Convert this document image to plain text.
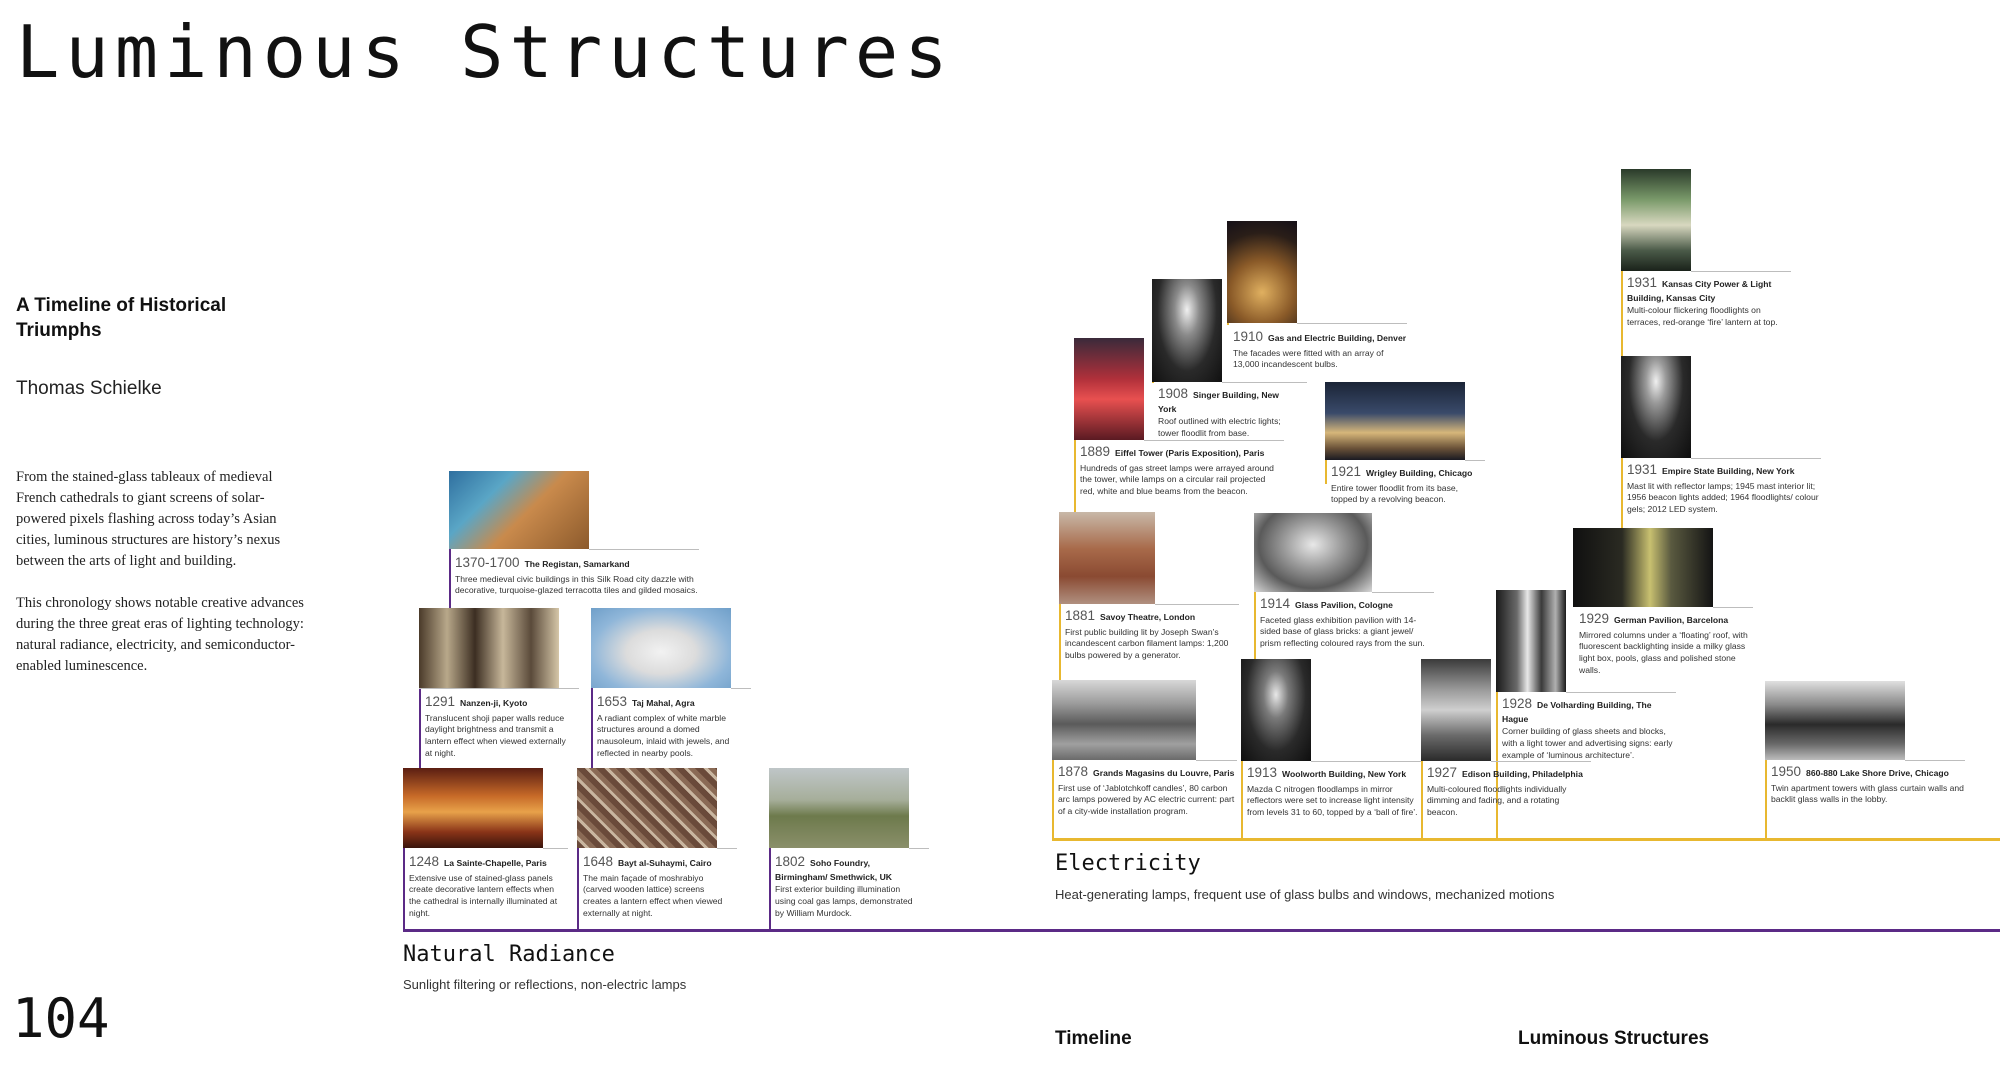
Luminous Structures
A Timeline of Historical Triumphs
Thomas Schielke

From the stained-glass tableaux of medieval French cathedrals to giant screens of solar-powered pixels flashing across today’s Asian cities, luminous structures are history’s nexus between the arts of light and building.

This chronology shows notable creative advances during the three great eras of lighting technology: natural radiance, electricity, and semiconductor-enabled luminescence.

Natural Radiance
Sunlight filtering or reflections, non-electric lamps
Electricity
Heat-generating lamps, frequent use of glass bulbs and windows, mechanized motions
1370-1700 The Registan, Samarkand
Three medieval civic buildings in this Silk Road city dazzle with decorative, turquoise-glazed terracotta tiles and gilded mosaics.
1291 Nanzen-ji, Kyoto
Translucent shoji paper walls reduce daylight brightness and transmit a lantern effect when viewed externally at night.
1653 Taj Mahal, Agra
A radiant complex of white marble structures around a domed mausoleum, inlaid with jewels, and reflected in nearby pools.
1248 La Sainte-Chapelle, Paris
Extensive use of stained-glass panels create decorative lantern effects when the cathedral is internally illuminated at night.
1648 Bayt al-Suhaymi, Cairo
The main façade of moshrabiyo (carved wooden lattice) screens creates a lantern effect when viewed externally at night.
1802 Soho Foundry, Birmingham/ Smethwick, UK
First exterior building illumination using coal gas lamps, demonstrated by William Murdock.
1910 Gas and Electric Building, Denver
The facades were fitted with an array of 13,000 incandescent bulbs.
1908 Singer Building, New York
Roof outlined with electric lights; tower floodlit from base.
1889 Eiffel Tower (Paris Exposition), Paris
Hundreds of gas street lamps were arrayed around the tower, while lamps on a circular rail projected red, white and blue beams from the beacon.
1921 Wrigley Building, Chicago
Entire tower floodlit from its base, topped by a revolving beacon.
1881 Savoy Theatre, London
First public building lit by Joseph Swan’s incandescent carbon filament lamps: 1,200 bulbs powered by a generator.
1914 Glass Pavilion, Cologne
Faceted glass exhibition pavilion with 14-sided base of glass bricks: a giant jewel/ prism reflecting coloured rays from the sun.
1878 Grands Magasins du Louvre, Paris
First use of ‘Jablotchkoff candles’, 80 carbon arc lamps powered by AC electric current: part of a city-wide installation program.
1913 Woolworth Building, New York
Mazda C nitrogen floodlamps in mirror reflectors were set to increase light intensity from levels 31 to 60, topped by a ‘ball of fire’.
1927 Edison Building, Philadelphia
Multi-coloured floodlights individually dimming and fading, and a rotating beacon.
1928 De Volharding Building, The Hague
Corner building of glass sheets and blocks, with a light tower and advertising signs: early example of ‘luminous architecture’.
1929 German Pavilion, Barcelona
Mirrored columns under a ‘floating’ roof, with fluorescent backlighting inside a milky glass light box, pools, glass and polished stone walls.
1931 Kansas City Power & Light Building, Kansas City
Multi-colour flickering floodlights on terraces, red-orange ‘fire’ lantern at top.
1931 Empire State Building, New York
Mast lit with reflector lamps; 1945 mast interior lit; 1956 beacon lights added; 1964 floodlights/ colour gels; 2012 LED system.
1950 860-880 Lake Shore Drive, Chicago
Twin apartment towers with glass curtain walls and backlit glass walls in the lobby.
104	Timeline	Luminous Structures
